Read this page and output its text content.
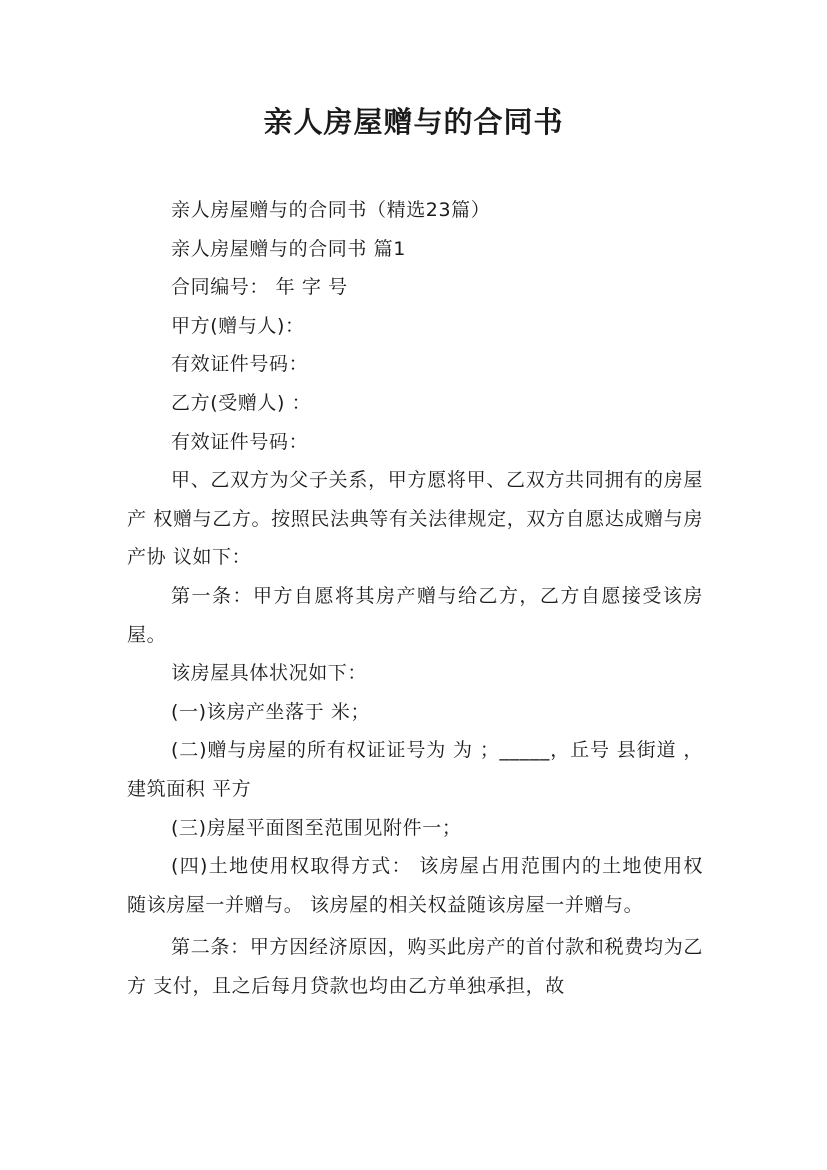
亲人房屋赠与的合同书

亲人房屋赠与的合同书（精选23篇）

亲人房屋赠与的合同书 篇1

合同编号： 年 字 号

甲方(赠与人)：

有效证件号码：

乙方(受赠人) ：

有效证件号码：

甲、乙双方为父子关系，甲方愿将甲、乙双方共同拥有的房屋产 权赠与乙方。按照民法典等有关法律规定，双方自愿达成赠与房产协 议如下：

第一条：甲方自愿将其房产赠与给乙方，乙方自愿接受该房屋。

该房屋具体状况如下：

(一)该房产坐落于 米；

(二)赠与房屋的所有权证证号为 为 ；_____，丘号 县街道 ，建筑面积 平方

(三)房屋平面图至范围见附件一；

(四)土地使用权取得方式： 该房屋占用范围内的土地使用权随该房屋一并赠与。 该房屋的相关权益随该房屋一并赠与。

第二条：甲方因经济原因，购买此房产的首付款和税费均为乙方 支付，且之后每月贷款也均由乙方单独承担，故
